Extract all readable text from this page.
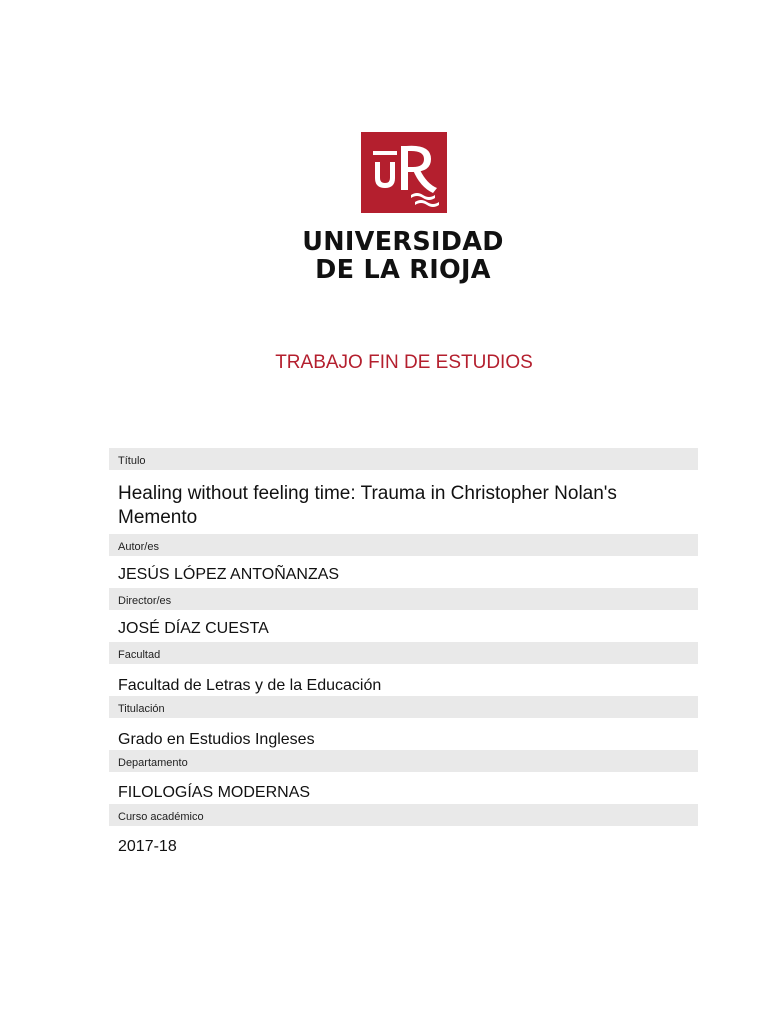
UNIVERSIDAD
DE LA RIOJA
TRABAJO FIN DE ESTUDIOS
Título
Healing without feeling time: Trauma in Christopher Nolan's Memento
Autor/es
JESÚS LÓPEZ ANTOÑANZAS
Director/es
JOSÉ DÍAZ CUESTA
Facultad
Facultad de Letras y de la Educación
Titulación
Grado en Estudios Ingleses
Departamento
FILOLOGÍAS MODERNAS
Curso académico
2017-18
